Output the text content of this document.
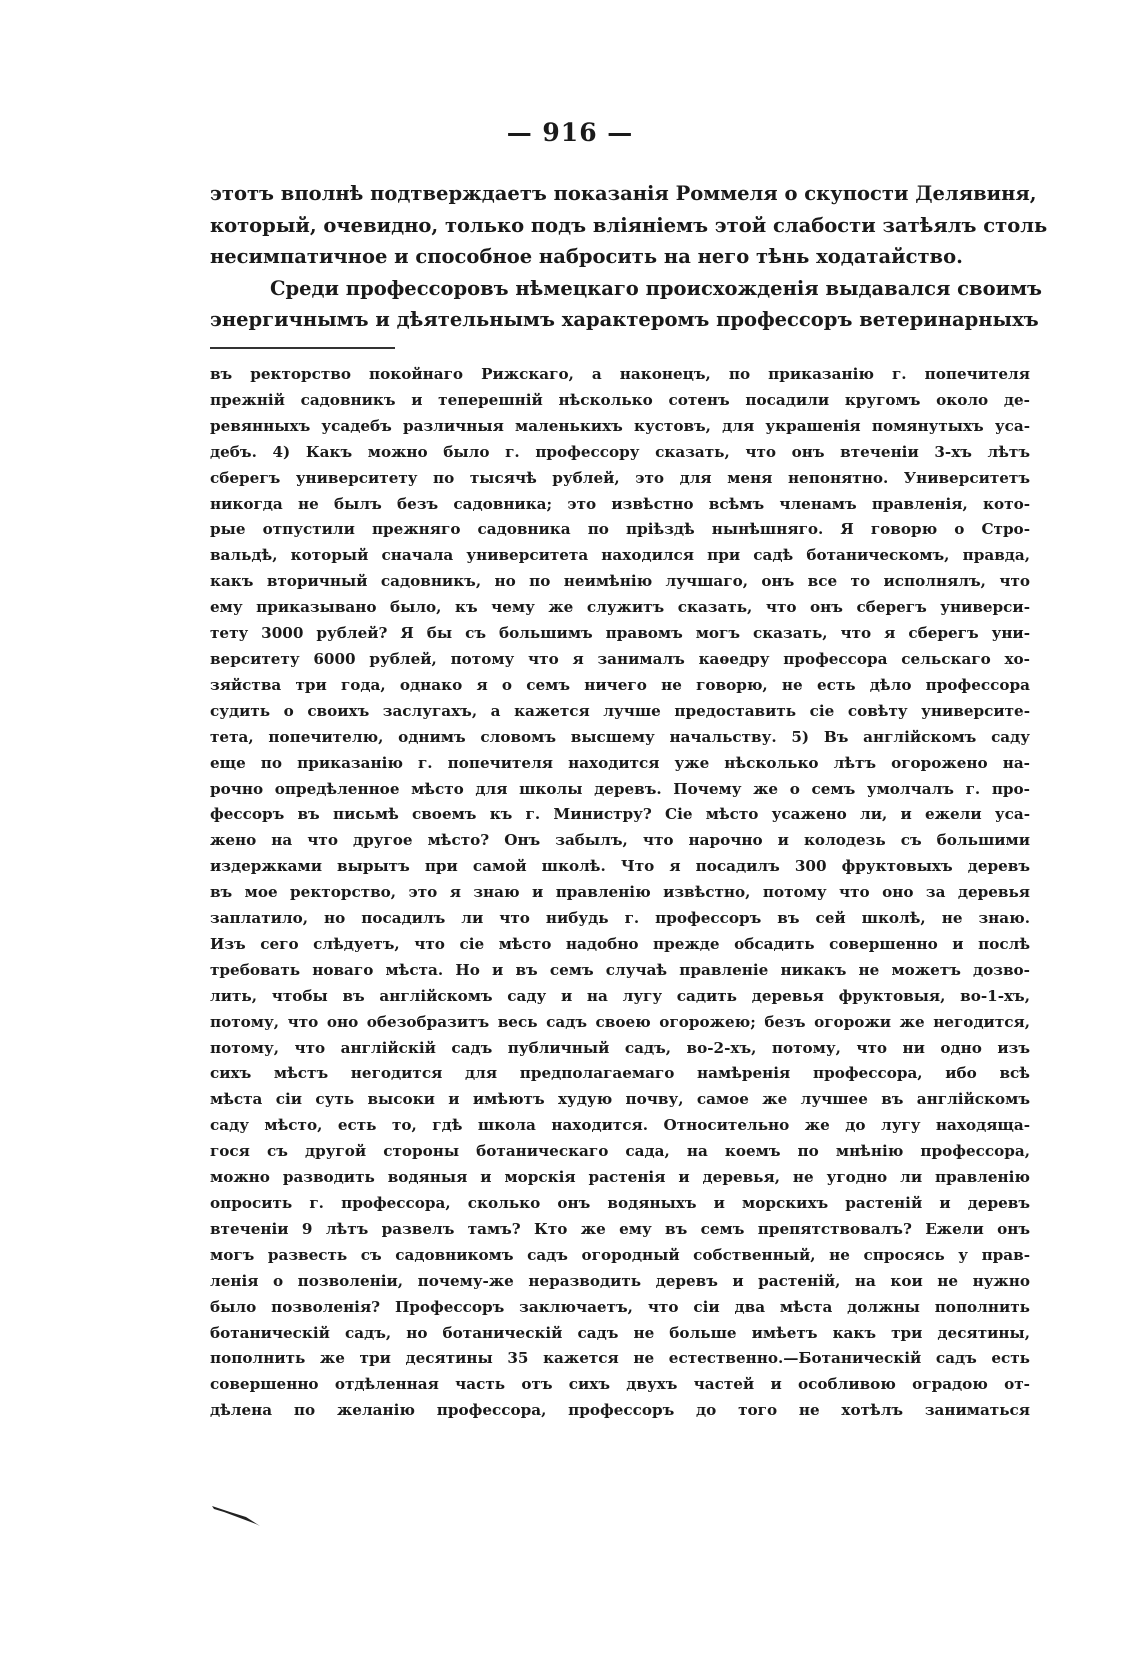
— 916 —
этотъ вполнѣ подтверждаетъ показанія Роммеля о скупости Делявиня,
который, очевидно, только подъ вліяніемъ этой слабости затѣялъ столь
несимпатичное и способное набросить на него тѣнь ходатайство.
Среди профессоровъ нѣмецкаго происхожденія выдавался своимъ
энергичнымъ и дѣятельнымъ характеромъ профессоръ ветеринарныхъ
въ ректорство покойнаго Рижскаго, а наконецъ, по приказанію г. попечителя
прежній садовникъ и теперешній нѣсколько сотенъ посадили кругомъ около де-
ревянныхъ усадебъ различныя маленькихъ кустовъ, для украшенія помянутыхъ уса-
дебъ. 4) Какъ можно было г. профессору сказать, что онъ втеченіи 3-хъ лѣтъ
сберегъ университету по тысячѣ рублей, это для меня непонятно. Университетъ
никогда не былъ безъ садовника; это извѣстно всѣмъ членамъ правленія, кото-
рые отпустили прежняго садовника по пріѣздѣ нынѣшняго. Я говорю о Стро-
вальдѣ, который сначала университета находился при садѣ ботаническомъ, правда,
какъ вторичный садовникъ, но по неимѣнію лучшаго, онъ все то исполнялъ, что
ему приказывано было, къ чему же служитъ сказать, что онъ сберегъ универси-
тету 3000 рублей? Я бы съ большимъ правомъ могъ сказать, что я сберегъ уни-
верситету 6000 рублей, потому что я занималъ каѳедру профессора сельскаго хо-
зяйства три года, однако я о семъ ничего не говорю, не есть дѣло профессора
судить о своихъ заслугахъ, а кажется лучше предоставить сіе совѣту университе-
тета, попечителю, однимъ словомъ высшему начальству. 5) Въ англійскомъ саду
еще по приказанію г. попечителя находится уже нѣсколько лѣтъ огорожено на-
рочно опредѣленное мѣсто для школы деревъ. Почему же о семъ умолчалъ г. про-
фессоръ въ письмѣ своемъ къ г. Министру? Сіе мѣсто усажено ли, и ежели уса-
жено на что другое мѣсто? Онъ забылъ, что нарочно и колодезь съ большими
издержками вырытъ при самой школѣ. Что я посадилъ 300 фруктовыхъ деревъ
въ мое ректорство, это я знаю и правленію извѣстно, потому что оно за деревья
заплатило, но посадилъ ли что нибудь г. профессоръ въ сей школѣ, не знаю.
Изъ сего слѣдуетъ, что сіе мѣсто надобно прежде обсадить совершенно и послѣ
требовать новаго мѣста. Но и въ семъ случаѣ правленіе никакъ не можетъ дозво-
лить, чтобы въ англійскомъ саду и на лугу садить деревья фруктовыя, во-1-хъ,
потому, что оно обезобразитъ весь садъ своею огорожею; безъ огорожи же негодится,
потому, что англійскій садъ публичный садъ, во-2-хъ, потому, что ни одно изъ
сихъ мѣстъ негодится для предполагаемаго намѣренія профессора, ибо всѣ
мѣста сіи суть высоки и имѣютъ худую почву, самое же лучшее въ англійскомъ
саду мѣсто, есть то, гдѣ школа находится. Относительно же до лугу находяща-
гося съ другой стороны ботаническаго сада, на коемъ по мнѣнію профессора,
можно разводить водяныя и морскія растенія и деревья, не угодно ли правленію
опросить г. профессора, сколько онъ водяныхъ и морскихъ растеній и деревъ
втеченіи 9 лѣтъ развелъ тамъ? Кто же ему въ семъ препятствовалъ? Ежели онъ
могъ развесть съ садовникомъ садъ огородный собственный, не спросясь у прав-
ленія о позволеніи, почему-же неразводить деревъ и растеній, на кои не нужно
было позволенія? Профессоръ заключаетъ, что сіи два мѣста должны пополнить
ботаническій садъ, но ботаническій садъ не больше имѣетъ какъ три десятины,
пополнить же три десятины 35 кажется не естественно.—Ботаническій садъ есть
совершенно отдѣленная часть отъ сихъ двухъ частей и особливою оградою от-
дѣлена по желанію профессора, профессоръ до того не хотѣлъ заниматься
